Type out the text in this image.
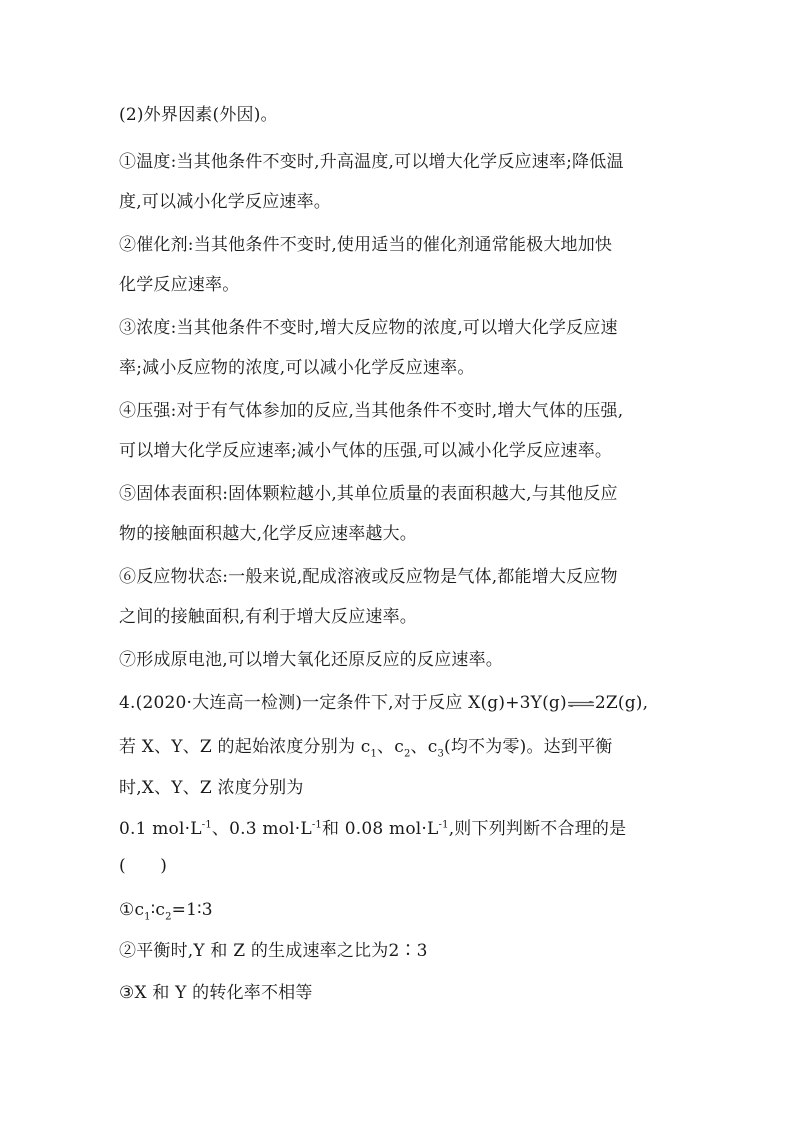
(2)外界因素(外因)。
①温度:当其他条件不变时,升高温度,可以增大化学反应速率;降低温
度,可以减小化学反应速率。
②催化剂:当其他条件不变时,使用适当的催化剂通常能极大地加快
化学反应速率。
③浓度:当其他条件不变时,增大反应物的浓度,可以增大化学反应速
率;减小反应物的浓度,可以减小化学反应速率。
④压强:对于有气体参加的反应,当其他条件不变时,增大气体的压强,
可以增大化学反应速率;减小气体的压强,可以减小化学反应速率。
⑤固体表面积:固体颗粒越小,其单位质量的表面积越大,与其他反应
物的接触面积越大,化学反应速率越大。
⑥反应物状态:一般来说,配成溶液或反应物是气体,都能增大反应物
之间的接触面积,有利于增大反应速率。
⑦形成原电池,可以增大氧化还原反应的反应速率。
4.(2020·大连高一检测)一定条件下,对于反应 X(g)+3Y(g)⇌2Z(g),
若 X、Y、Z 的起始浓度分别为 $c_1$、$c_2$、$c_3$(均不为零)。达到平衡
时,X、Y、Z 浓度分别为
0.1 $mol\cdot L^{-1}$、0.3 $mol\cdot L^{-1}$和 0.08 $mol\cdot L^{-1}$,则下列判断不合理的是
(　　)
$①c_1∶c_2=1∶3$
②平衡时,Y 和 Z 的生成速率之比为2∶3
③X 和 Y 的转化率不相等
